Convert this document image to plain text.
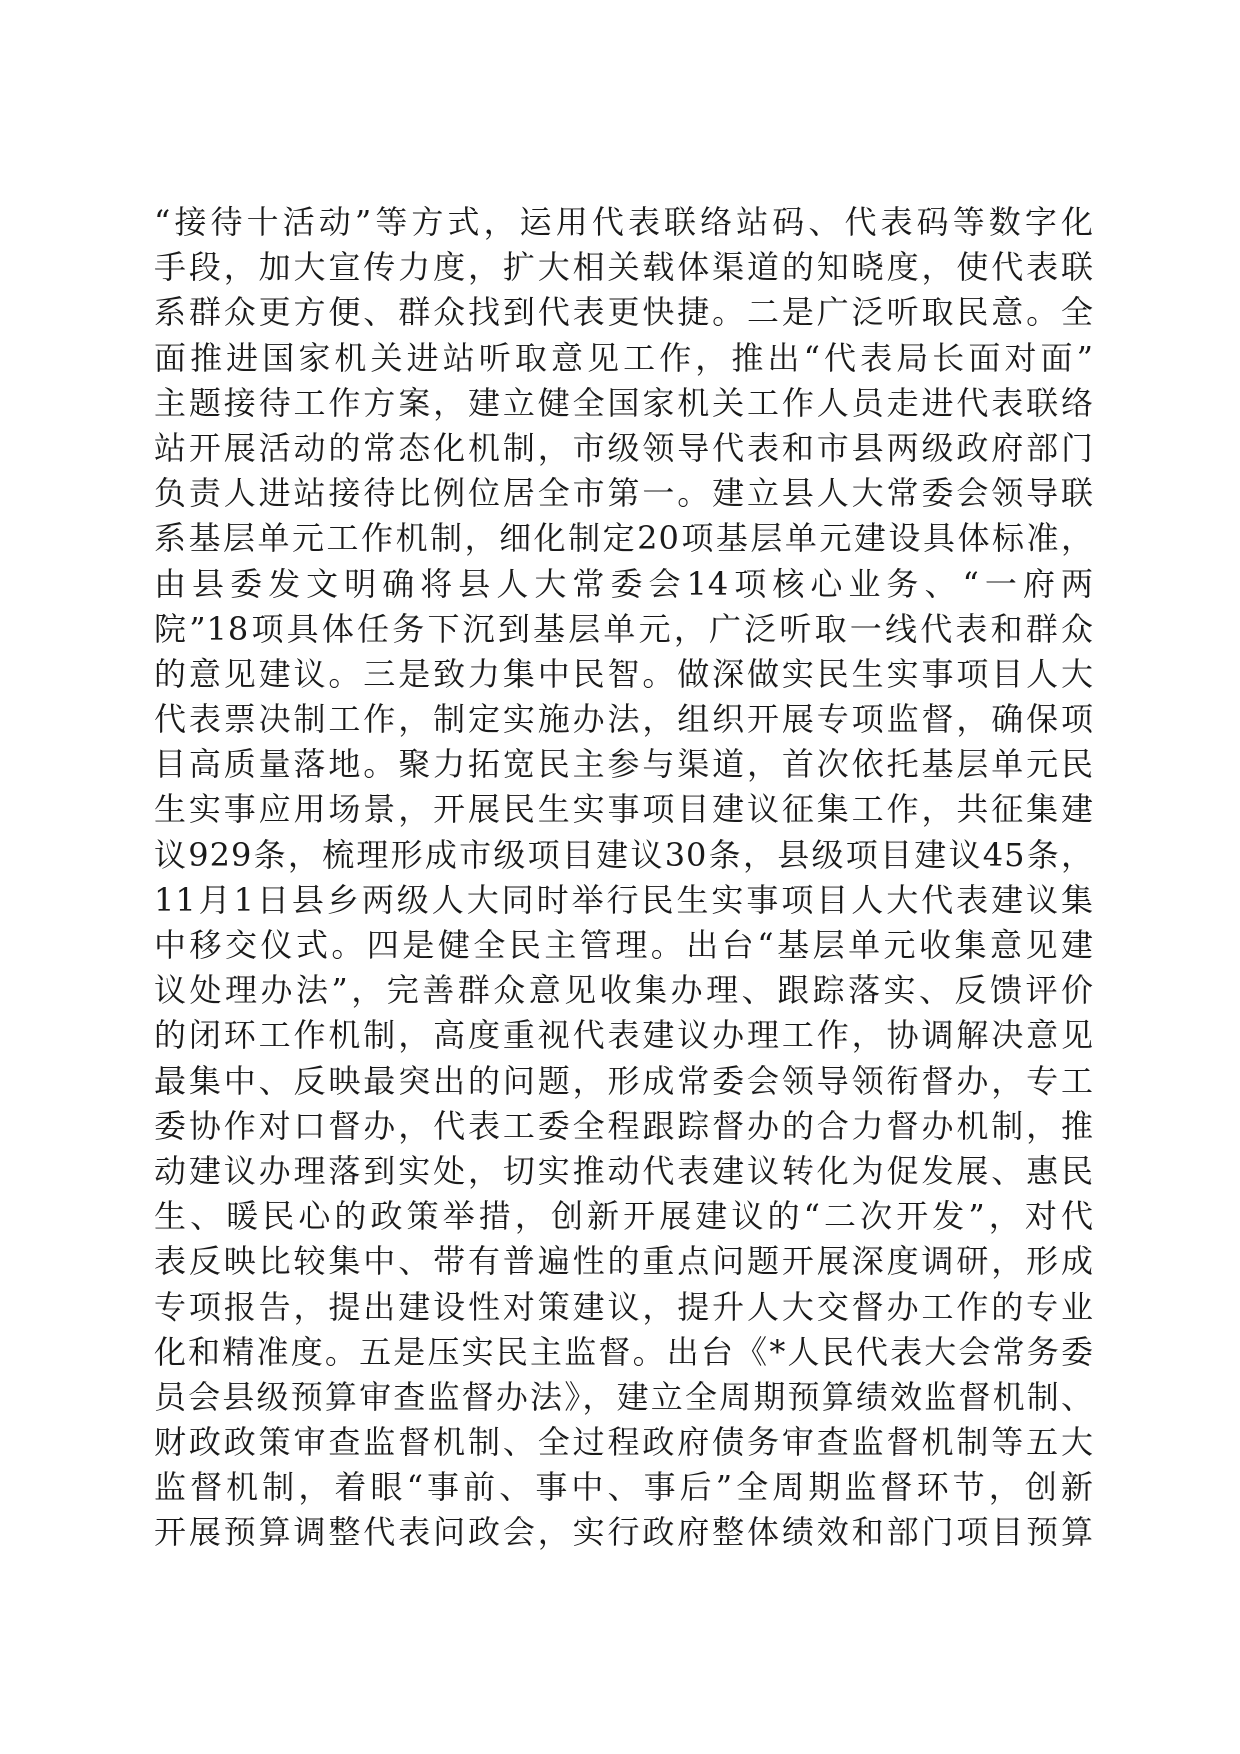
“接待十活动”等方式，运用代表联络站码、代表码等数字化
手段，加大宣传力度，扩大相关载体渠道的知晓度，使代表联
系群众更方便、群众找到代表更快捷。二是广泛听取民意。全
面推进国家机关进站听取意见工作，推出“代表局长面对面”
主题接待工作方案，建立健全国家机关工作人员走进代表联络
站开展活动的常态化机制，市级领导代表和市县两级政府部门
负责人进站接待比例位居全市第一。建立县人大常委会领导联
系基层单元工作机制，细化制定20项基层单元建设具体标准，
由县委发文明确将县人大常委会14项核心业务、“一府两
院”18项具体任务下沉到基层单元，广泛听取一线代表和群众
的意见建议。三是致力集中民智。做深做实民生实事项目人大
代表票决制工作，制定实施办法，组织开展专项监督，确保项
目高质量落地。聚力拓宽民主参与渠道，首次依托基层单元民
生实事应用场景，开展民生实事项目建议征集工作，共征集建
议929条，梳理形成市级项目建议30条，县级项目建议45条，
11月1日县乡两级人大同时举行民生实事项目人大代表建议集
中移交仪式。四是健全民主管理。出台“基层单元收集意见建
议处理办法”，完善群众意见收集办理、跟踪落实、反馈评价
的闭环工作机制，高度重视代表建议办理工作，协调解决意见
最集中、反映最突出的问题，形成常委会领导领衔督办，专工
委协作对口督办，代表工委全程跟踪督办的合力督办机制，推
动建议办理落到实处，切实推动代表建议转化为促发展、惠民
生、暖民心的政策举措，创新开展建议的“二次开发”，对代
表反映比较集中、带有普遍性的重点问题开展深度调研，形成
专项报告，提出建设性对策建议，提升人大交督办工作的专业
化和精准度。五是压实民主监督。出台《*人民代表大会常务委
员会县级预算审查监督办法》，建立全周期预算绩效监督机制、
财政政策审查监督机制、全过程政府债务审查监督机制等五大
监督机制，着眼“事前、事中、事后”全周期监督环节，创新
开展预算调整代表问政会，实行政府整体绩效和部门项目预算
